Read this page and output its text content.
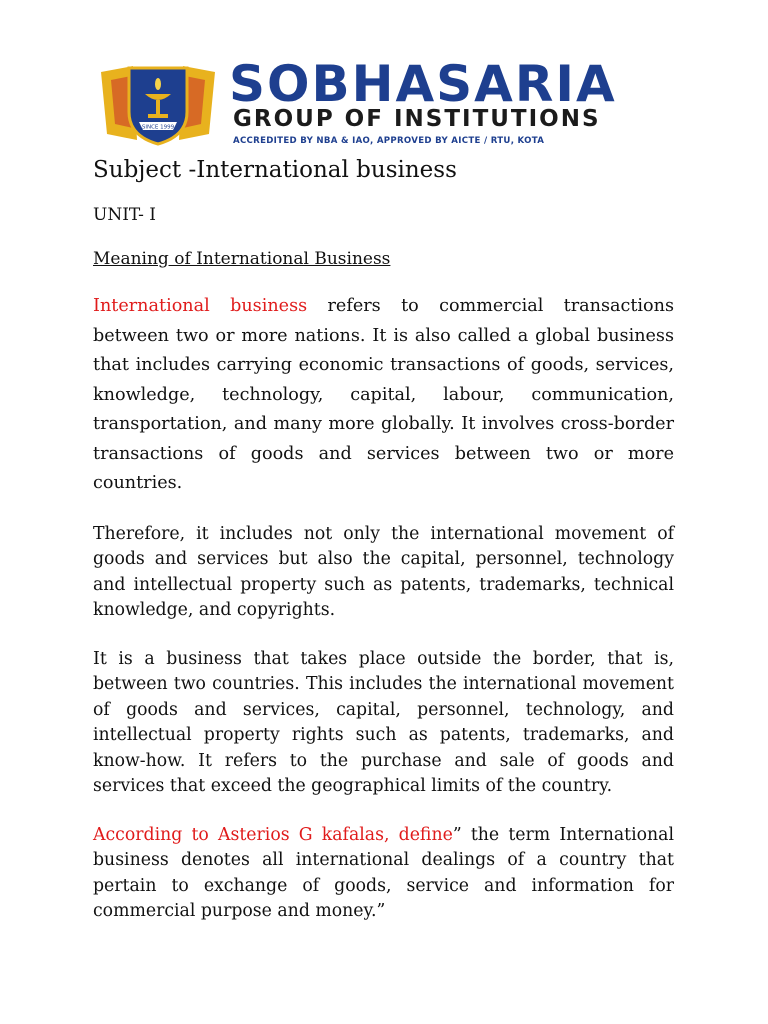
SINCE 1999
SOBHASARIA
GROUP OF INSTITUTIONS
ACCREDITED BY NBA & IAO, APPROVED BY AICTE / RTU, KOTA

Subject -International business

UNIT- I

Meaning of International Business

International business refers to commercial transactions between two or more nations. It is also called a global business that includes carrying economic transactions of goods, services, knowledge, technology, capital, labour, communication, transportation, and many more globally. It involves cross-border transactions of goods and services between two or more countries.

Therefore, it includes not only the international movement of goods and services but also the capital, personnel, technology and intellectual property such as patents, trademarks, technical knowledge, and copyrights.

It is a business that takes place outside the border, that is, between two countries. This includes the international movement of goods and services, capital, personnel, technology, and intellectual property rights such as patents, trademarks, and know-how. It refers to the purchase and sale of goods and services that exceed the geographical limits of the country.

According to Asterios G kafalas, define” the term International business denotes all international dealings of a country that pertain to exchange of goods, service and information for commercial purpose and money.”
